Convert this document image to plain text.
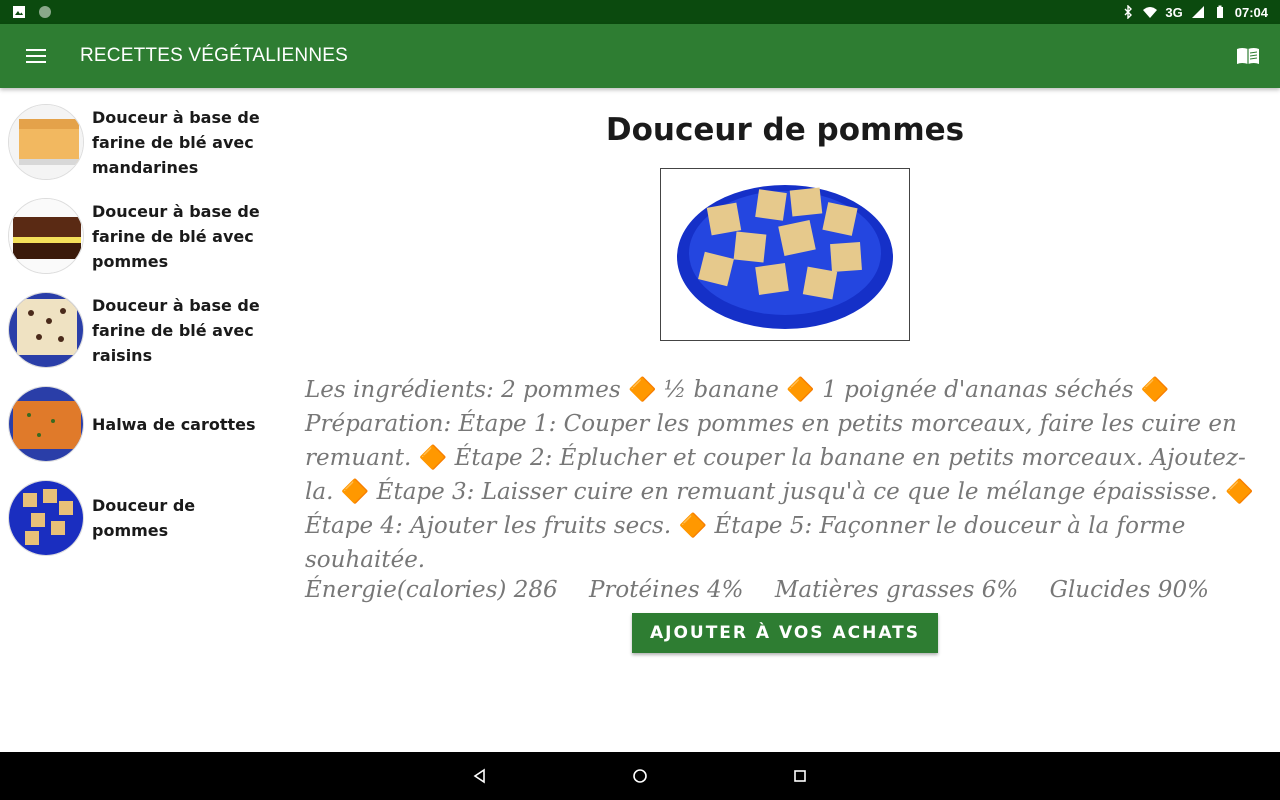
3G	07:04
RECETTES VÉGÉTALIENNES
Douceur à base de farine de blé avec mandarines
Douceur à base de farine de blé avec pommes
Douceur à base de farine de blé avec raisins
Halwa de carottes
Douceur de pommes
Douceur de pommes
Les ingrédients: 2 pommes 🔶 ½ banane 🔶 1 poignée d'ananas séchés 🔶 Préparation: Étape 1: Couper les pommes en petits morceaux, faire les cuire en remuant. 🔶 Étape 2: Éplucher et couper la banane en petits morceaux. Ajoutez-la. 🔶 Étape 3: Laisser cuire en remuant jusqu'à ce que le mélange épaississe. 🔶 Étape 4: Ajouter les fruits secs. 🔶 Étape 5: Façonner le douceur à la forme souhaitée.
Énergie(calories) 286 Protéines 4% Matières grasses 6% Glucides 90%
AJOUTER À VOS ACHATS
